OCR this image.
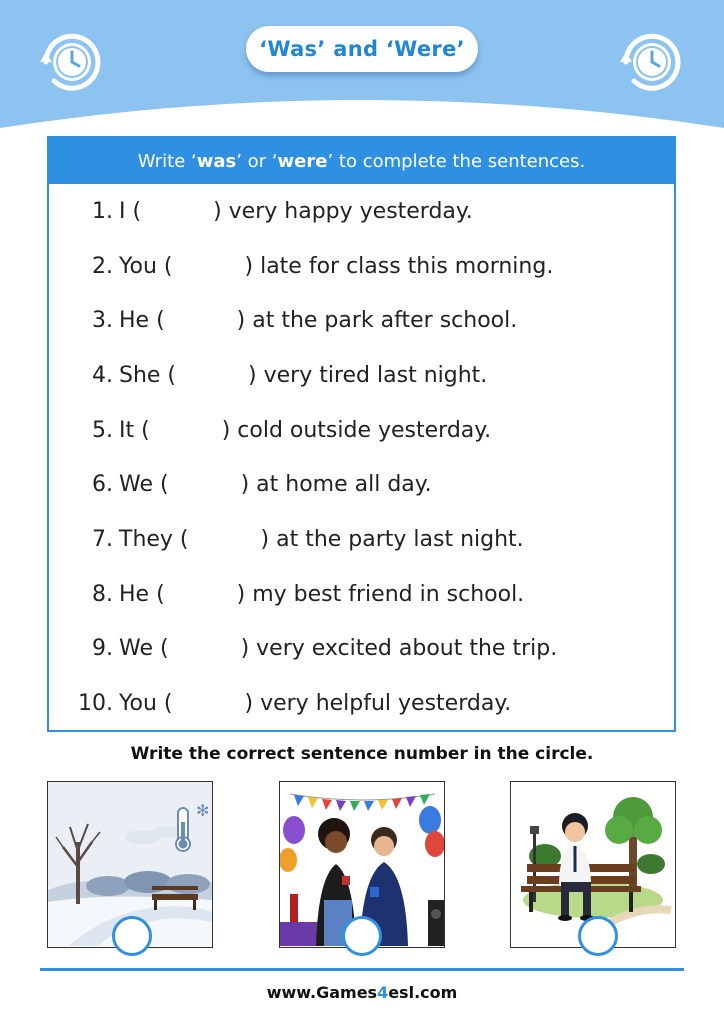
‘Was’ and ‘Were’
Write ‘ was ’ or ‘ were ’ to complete the sentences.
1. I (	) very happy yesterday.
2. You (	) late for class this morning.
3. He (	) at the park after school.
4. She (	) very tired last night.
5. It (	) cold outside yesterday.
6. We (	) at home all day.
7. They (	) at the party last night.
8. He (	) my best friend in school.
9. We (	) very excited about the trip.
10. You (	) very helpful yesterday.
Write the correct sentence number in the circle.
✻
www.Games4esl.com
